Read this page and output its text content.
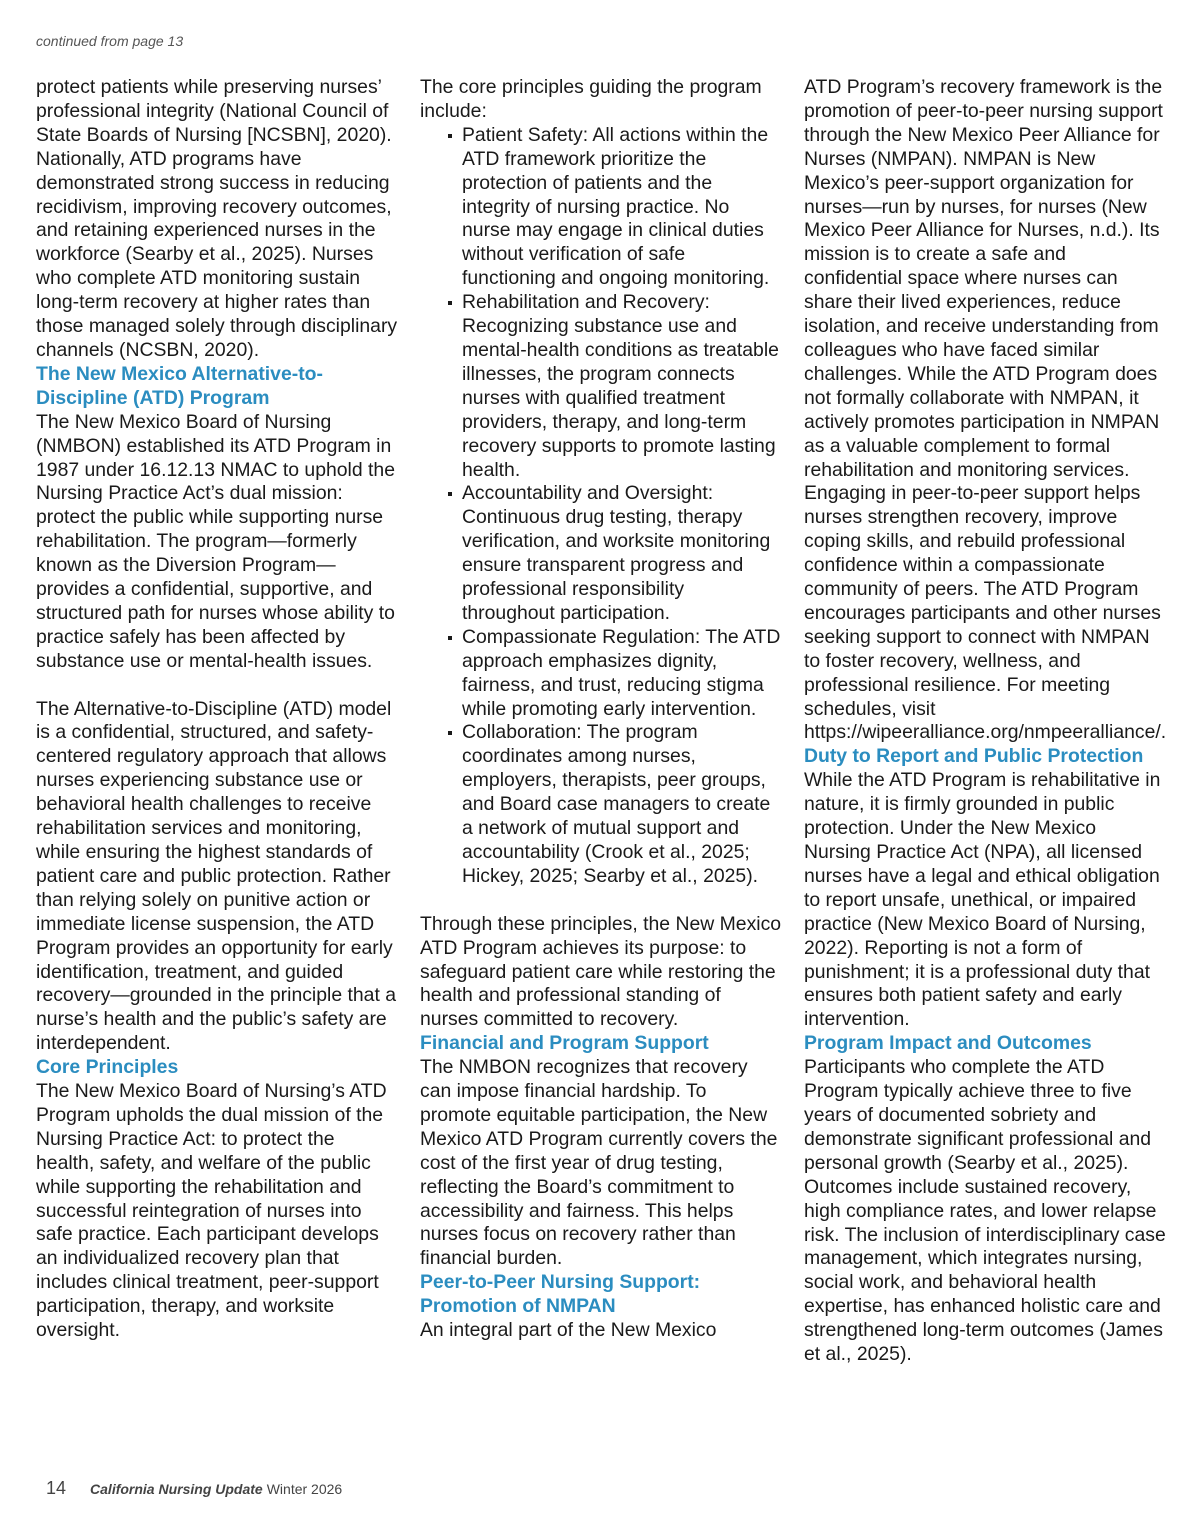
continued from page 13

protect patients while preserving nurses’ professional integrity (National Council of State Boards of Nursing [NCSBN], 2020). Nationally, ATD programs have demonstrated strong success in reducing recidivism, improving recovery outcomes, and retaining experienced nurses in the workforce (Searby et al., 2025). Nurses who complete ATD monitoring sustain long-term recovery at higher rates than those managed solely through disciplinary channels (NCSBN, 2020).

The New Mexico Alternative-to-Discipline (ATD) Program

The New Mexico Board of Nursing (NMBON) established its ATD Program in 1987 under 16.12.13 NMAC to uphold the Nursing Practice Act’s dual mission: protect the public while supporting nurse rehabilitation. The program—formerly known as the Diversion Program—provides a confidential, supportive, and structured path for nurses whose ability to practice safely has been affected by substance use or mental-health issues.

The Alternative-to-Discipline (ATD) model is a confidential, structured, and safety-centered regulatory approach that allows nurses experiencing substance use or behavioral health challenges to receive rehabilitation services and monitoring, while ensuring the highest standards of patient care and public protection. Rather than relying solely on punitive action or immediate license suspension, the ATD Program provides an opportunity for early identification, treatment, and guided recovery—grounded in the principle that a nurse’s health and the public’s safety are interdependent.

Core Principles

The New Mexico Board of Nursing’s ATD Program upholds the dual mission of the Nursing Practice Act: to protect the health, safety, and welfare of the public while supporting the rehabilitation and successful reintegration of nurses into safe practice. Each participant develops an individualized recovery plan that includes clinical treatment, peer-support participation, therapy, and worksite oversight.

The core principles guiding the program include:

Patient Safety: All actions within the ATD framework prioritize the protection of patients and the integrity of nursing practice. No nurse may engage in clinical duties without verification of safe functioning and ongoing monitoring.
Rehabilitation and Recovery: Recognizing substance use and mental-health conditions as treatable illnesses, the program connects nurses with qualified treatment providers, therapy, and long-term recovery supports to promote lasting health.
Accountability and Oversight: Continuous drug testing, therapy verification, and worksite monitoring ensure transparent progress and professional responsibility throughout participation.
Compassionate Regulation: The ATD approach emphasizes dignity, fairness, and trust, reducing stigma while promoting early intervention.
Collaboration: The program coordinates among nurses, employers, therapists, peer groups, and Board case managers to create a network of mutual support and accountability (Crook et al., 2025; Hickey, 2025; Searby et al., 2025).

Through these principles, the New Mexico ATD Program achieves its purpose: to safeguard patient care while restoring the health and professional standing of nurses committed to recovery.

Financial and Program Support

The NMBON recognizes that recovery can impose financial hardship. To promote equitable participation, the New Mexico ATD Program currently covers the cost of the first year of drug testing, reflecting the Board’s commitment to accessibility and fairness. This helps nurses focus on recovery rather than financial burden.

Peer-to-Peer Nursing Support: Promotion of NMPAN

An integral part of the New Mexico

ATD Program’s recovery framework is the promotion of peer-to-peer nursing support through the New Mexico Peer Alliance for Nurses (NMPAN). NMPAN is New Mexico’s peer-support organization for nurses—run by nurses, for nurses (New Mexico Peer Alliance for Nurses, n.d.). Its mission is to create a safe and confidential space where nurses can share their lived experiences, reduce isolation, and receive understanding from colleagues who have faced similar challenges. While the ATD Program does not formally collaborate with NMPAN, it actively promotes participation in NMPAN as a valuable complement to formal rehabilitation and monitoring services. Engaging in peer-to-peer support helps nurses strengthen recovery, improve coping skills, and rebuild professional confidence within a compassionate community of peers. The ATD Program encourages participants and other nurses seeking support to connect with NMPAN to foster recovery, wellness, and professional resilience. For meeting schedules, visit https://wipeeralliance.org/nmpeeralliance/.

Duty to Report and Public Protection

While the ATD Program is rehabilitative in nature, it is firmly grounded in public protection. Under the New Mexico Nursing Practice Act (NPA), all licensed nurses have a legal and ethical obligation to report unsafe, unethical, or impaired practice (New Mexico Board of Nursing, 2022). Reporting is not a form of punishment; it is a professional duty that ensures both patient safety and early intervention.

Program Impact and Outcomes

Participants who complete the ATD Program typically achieve three to five years of documented sobriety and demonstrate significant professional and personal growth (Searby et al., 2025). Outcomes include sustained recovery, high compliance rates, and lower relapse risk. The inclusion of interdisciplinary case management, which integrates nursing, social work, and behavioral health expertise, has enhanced holistic care and strengthened long-term outcomes (James et al., 2025).

14 California Nursing Update Winter 2026
